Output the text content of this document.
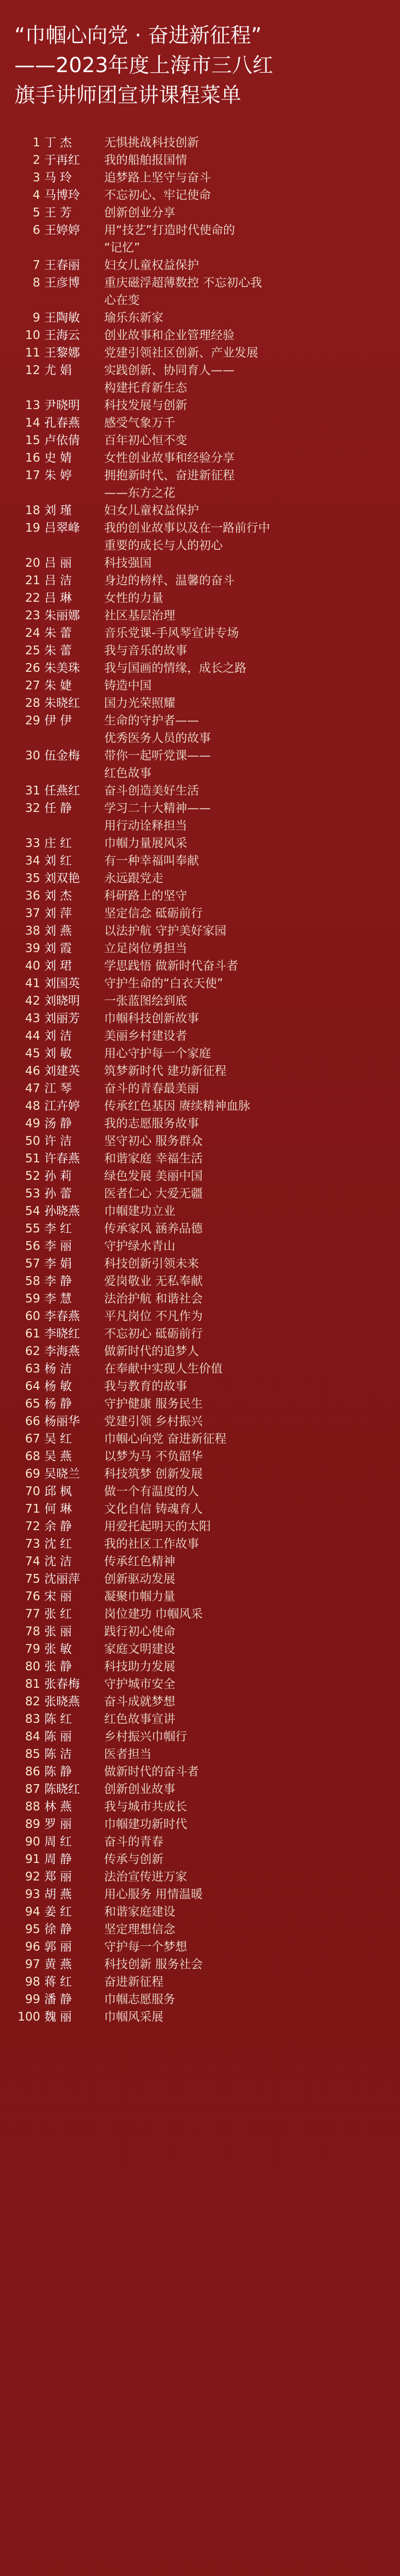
“巾帼心向党 · 奋进新征程”
——2023年度上海市三八红
旗手讲师团宣讲课程菜单
1 丁 杰	无惧挑战科技创新
2 于再红 我的船舶报国情
3 马 玲	追梦路上坚守与奋斗
4 马博玲 不忘初心、牢记使命
5 王 芳	创新创业分享
6 王婷婷 用“技艺”打造时代使命的
“记忆”
7 王春丽 妇女儿童权益保护
8 王彦博 重庆磁浮超薄数控 不忘初心我
心在变
9 王陶敏 瑜乐东新家
10 王海云 创业故事和企业管理经验
11 王黎娜 党建引领社区创新、产业发展
12 尤 娟	实践创新、协同育人——
构建托育新生态
13 尹晓明 科技发展与创新
14 孔春燕 感受气象万千
15 卢依倩 百年初心恒不变
16 史 婧	女性创业故事和经验分享
17 朱 婷	拥抱新时代、奋进新征程
——东方之花
18 刘 瑾	妇女儿童权益保护
19 吕翠峰 我的创业故事以及在一路前行中
重要的成长与人的初心
20 吕 丽	科技强国
21 吕 洁	身边的榜样、温馨的奋斗
22 吕 琳	女性的力量
23 朱丽娜 社区基层治理
24 朱 蕾	音乐党课-手风琴宣讲专场
25 朱 蕾	我与音乐的故事
26 朱美珠 我与国画的情缘，成长之路
27 朱 婕	铸造中国
28 朱晓红 国力光荣照耀
29 伊 伊	生命的守护者——
优秀医务人员的故事
30 伍金梅 带你一起听党课——
红色故事
31 任燕红 奋斗创造美好生活
32 任 静	学习二十大精神——
用行动诠释担当
33 庄 红	巾帼力量展风采
34 刘 红	有一种幸福叫奉献
35 刘双艳 永远跟党走
36 刘 杰	科研路上的坚守
37 刘 萍	坚定信念 砥砺前行
38 刘 燕	以法护航 守护美好家园
39 刘 霞	立足岗位勇担当
40 刘 珺	学思践悟 做新时代奋斗者
41 刘国英 守护生命的“白衣天使”
42 刘晓明 一张蓝图绘到底
43 刘丽芳 巾帼科技创新故事
44 刘 洁	美丽乡村建设者
45 刘 敏	用心守护每一个家庭
46 刘建英 筑梦新时代 建功新征程
47 江 琴	奋斗的青春最美丽
48 江卉婷 传承红色基因 赓续精神血脉
49 汤 静	我的志愿服务故事
50 许 洁	坚守初心 服务群众
51 许春燕 和谐家庭 幸福生活
52 孙 莉	绿色发展 美丽中国
53 孙 蕾	医者仁心 大爱无疆
54 孙晓燕 巾帼建功立业
55 李 红	传承家风 涵养品德
56 李 丽	守护绿水青山
57 李 娟	科技创新引领未来
58 李 静	爱岗敬业 无私奉献
59 李 慧	法治护航 和谐社会
60 李春燕 平凡岗位 不凡作为
61 李晓红 不忘初心 砥砺前行
62 李海燕 做新时代的追梦人
63 杨 洁	在奉献中实现人生价值
64 杨 敏	我与教育的故事
65 杨 静	守护健康 服务民生
66 杨丽华 党建引领 乡村振兴
67 吴 红	巾帼心向党 奋进新征程
68 吴 燕	以梦为马 不负韶华
69 吴晓兰 科技筑梦 创新发展
70 邱 枫	做一个有温度的人
71 何 琳	文化自信 铸魂育人
72 余 静	用爱托起明天的太阳
73 沈 红	我的社区工作故事
74 沈 洁	传承红色精神
75 沈丽萍 创新驱动发展
76 宋 丽	凝聚巾帼力量
77 张 红	岗位建功 巾帼风采
78 张 丽	践行初心使命
79 张 敏	家庭文明建设
80 张 静	科技助力发展
81 张春梅 守护城市安全
82 张晓燕 奋斗成就梦想
83 陈 红	红色故事宣讲
84 陈 丽	乡村振兴巾帼行
85 陈 洁	医者担当
86 陈 静	做新时代的奋斗者
87 陈晓红 创新创业故事
88 林 燕	我与城市共成长
89 罗 丽	巾帼建功新时代
90 周 红	奋斗的青春
91 周 静	传承与创新
92 郑 丽	法治宣传进万家
93 胡 燕	用心服务 用情温暖
94 姜 红	和谐家庭建设
95 徐 静	坚定理想信念
96 郭 丽	守护每一个梦想
97 黄 燕	科技创新 服务社会
98 蒋 红	奋进新征程
99 潘 静	巾帼志愿服务
100 魏 丽	巾帼风采展
